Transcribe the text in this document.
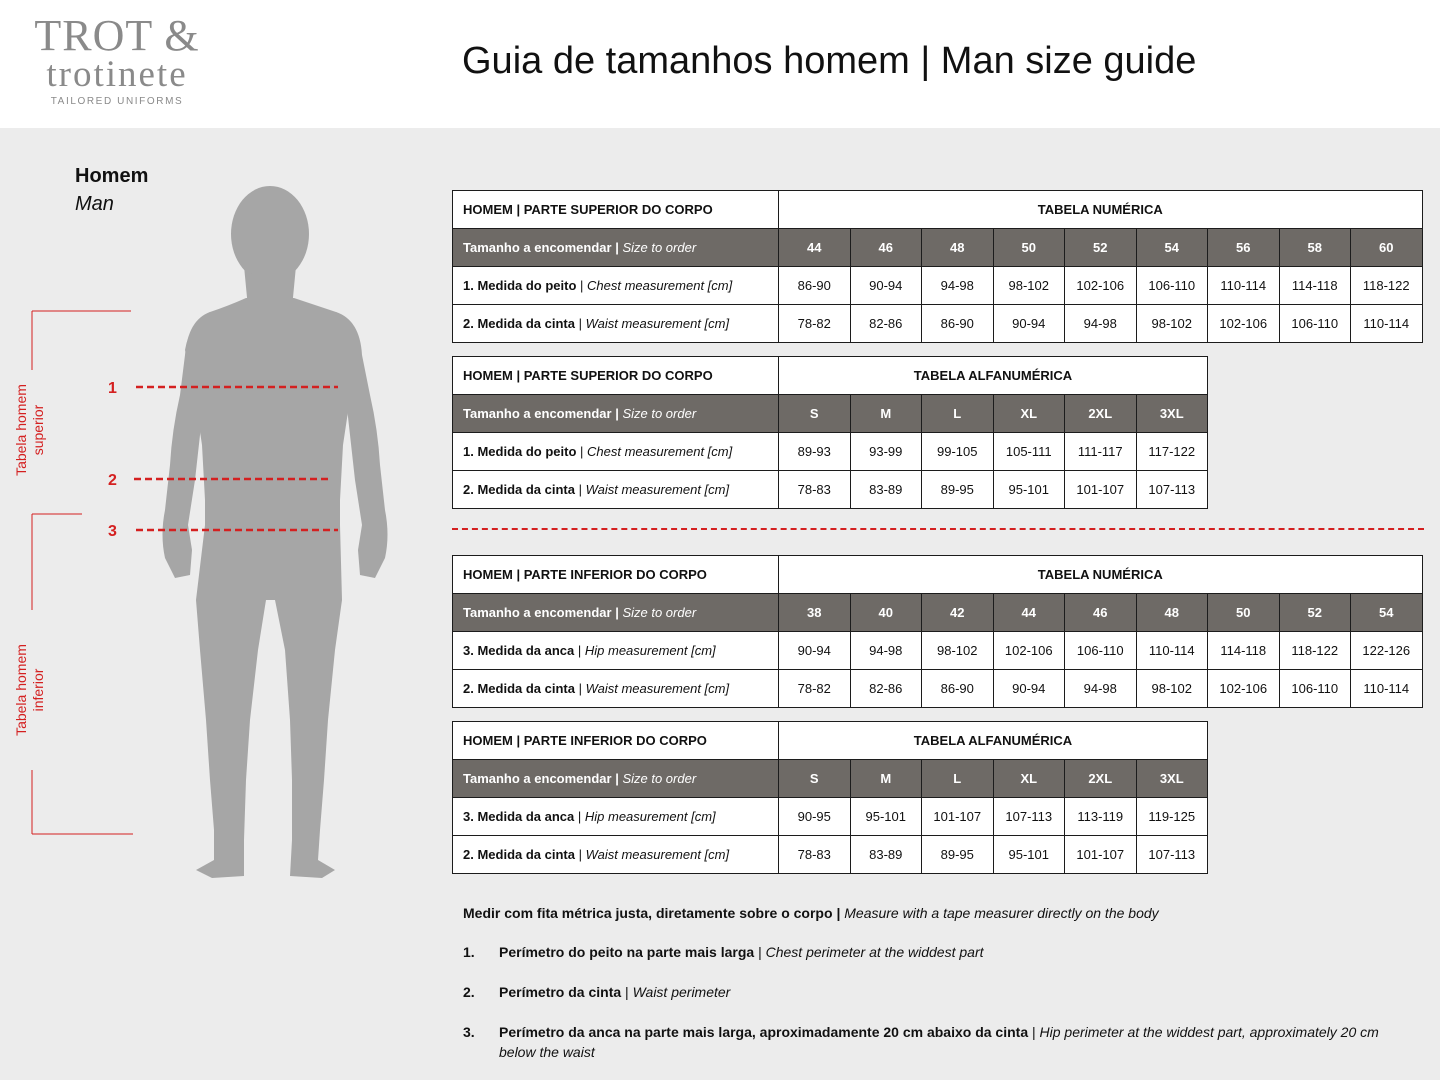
TROT &
trotinete
TAILORED UNIFORMS
Guia de tamanhos homem | Man size guide
Homem
Man
1
2
3
Tabela homem superior
Tabela homem inferior
HOMEM | PARTE SUPERIOR DO CORPO	TABELA NUMÉRICA								
Tamanho a encomendar | Size to order	44	46	48	50	52	54	56	58	60
1. Medida do peito | Chest measurement [cm]	86-90	90-94	94-98	98-102	102-106	106-110	110-114	114-118	118-122
2. Medida da cinta | Waist measurement [cm]	78-82	82-86	86-90	90-94	94-98	98-102	102-106	106-110	110-114
HOMEM | PARTE SUPERIOR DO CORPO	TABELA ALFANUMÉRICA					
Tamanho a encomendar | Size to order	S	M	L	XL	2XL	3XL
1. Medida do peito | Chest measurement [cm]	89-93	93-99	99-105	105-111	111-117	117-122
2. Medida da cinta | Waist measurement [cm]	78-83	83-89	89-95	95-101	101-107	107-113
HOMEM | PARTE INFERIOR DO CORPO	TABELA NUMÉRICA								
Tamanho a encomendar | Size to order	38	40	42	44	46	48	50	52	54
3. Medida da anca | Hip measurement [cm]	90-94	94-98	98-102	102-106	106-110	110-114	114-118	118-122	122-126
2. Medida da cinta | Waist measurement [cm]	78-82	82-86	86-90	90-94	94-98	98-102	102-106	106-110	110-114
HOMEM | PARTE INFERIOR DO CORPO	TABELA ALFANUMÉRICA					
Tamanho a encomendar | Size to order	S	M	L	XL	2XL	3XL
3. Medida da anca | Hip measurement [cm]	90-95	95-101	101-107	107-113	113-119	119-125
2. Medida da cinta | Waist measurement [cm]	78-83	83-89	89-95	95-101	101-107	107-113
Medir com fita métrica justa, diretamente sobre o corpo | Measure with a tape measurer directly on the body
1. Perímetro do peito na parte mais larga | Chest perimeter at the widdest part
2. Perímetro da cinta | Waist perimeter
3. Perímetro da anca na parte mais larga, aproximadamente 20 cm abaixo da cinta | Hip perimeter at the widdest part, approximately 20 cm below the waist
